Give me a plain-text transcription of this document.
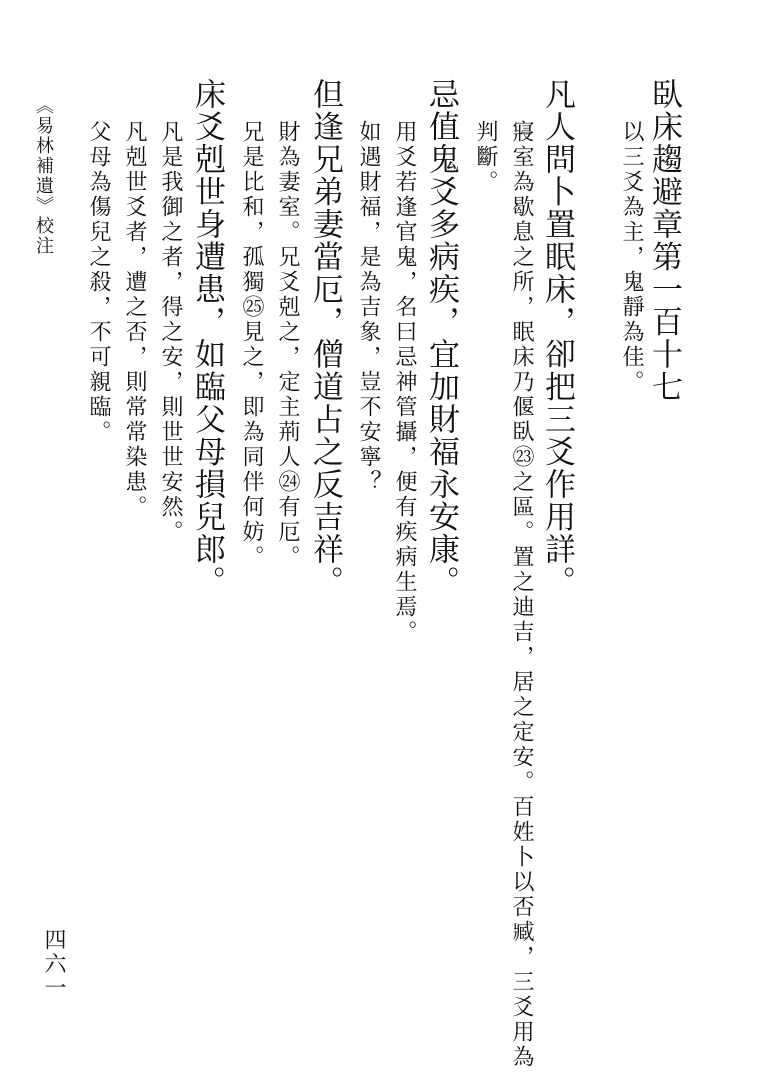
臥床趨避章第一百十七
以三爻為主，鬼靜為佳。
凡人問卜置眠床，卻把三爻作用詳。
寢室為歇息之所，眠床乃偃臥㉓之區。置之迪吉，居之定安。百姓卜以否臧，三爻用為
判斷。
忌值鬼爻多病疾，宜加財福永安康。
用爻若逢官鬼，名曰忌神管攝，便有疾病生焉。
如遇財福，是為吉象，豈不安寧？
但逢兄弟妻當厄，僧道占之反吉祥。
財為妻室。兄爻剋之，定主荊人㉔有厄。
兄是比和，孤獨㉕見之，即為同伴何妨。
床爻剋世身遭患，如臨父母損兒郎。
凡是我御之者，得之安，則世世安然。
凡剋世爻者，遭之否，則常常染患。
父母為傷兒之殺，不可親臨。
四六一
《易林補遺》校注
